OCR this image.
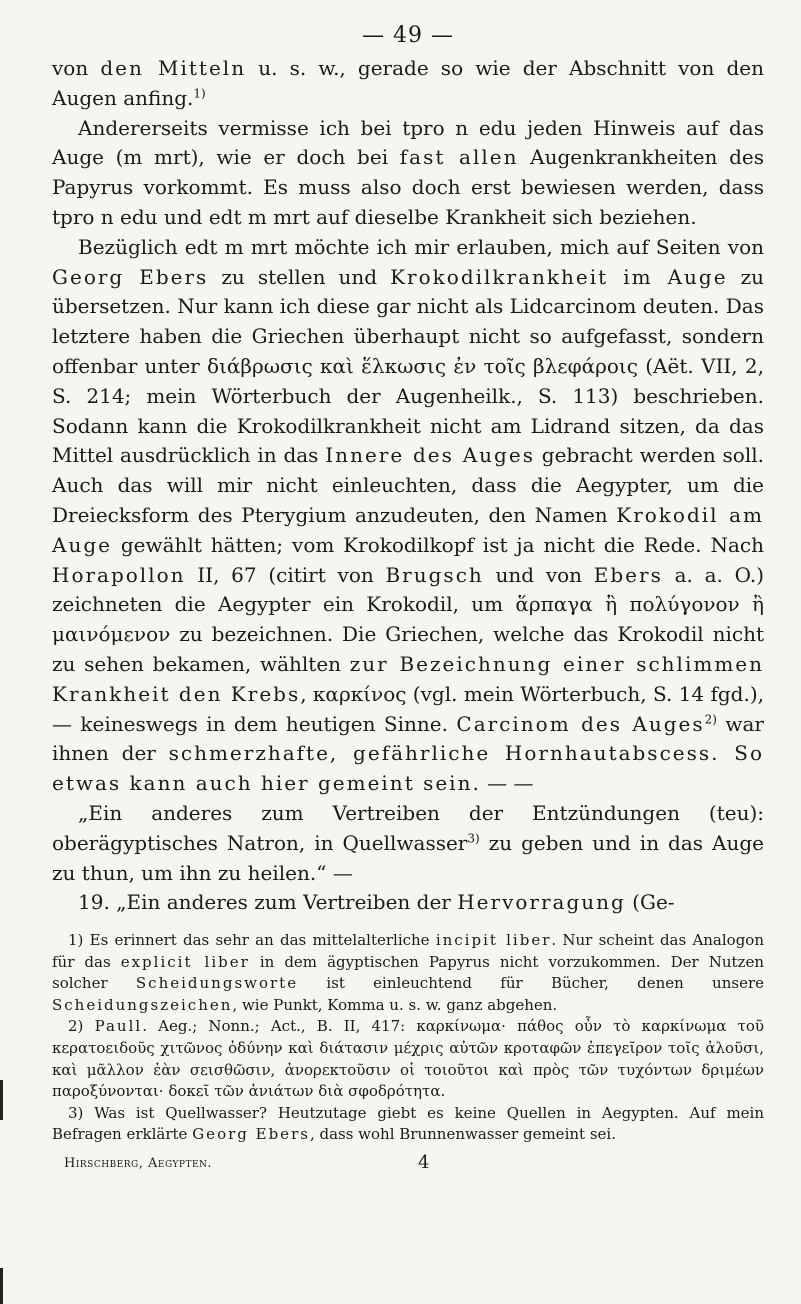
— 49 —

von den Mitteln u. s. w., gerade so wie der Abschnitt von den Augen anfing.$^{1)}$

Andererseits vermisse ich bei tpro n edu jeden Hinweis auf das Auge (m mrt), wie er doch bei fast allen Augenkrankheiten des Papyrus vorkommt. Es muss also doch erst bewiesen werden, dass tpro n edu und edt m mrt auf dieselbe Krankheit sich beziehen.

Bezüglich edt m mrt möchte ich mir erlauben, mich auf Seiten von Georg Ebers zu stellen und Krokodilkrankheit im Auge zu übersetzen. Nur kann ich diese gar nicht als Lidcarcinom deuten. Das letztere haben die Griechen überhaupt nicht so aufgefasst, sondern offenbar unter διάβρωσις καὶ ἕλκωσις ἐν τοῖς βλεφάροις (Aët. VII, 2, S. 214; mein Wörterbuch der Augenheilk., S. 113) beschrieben. Sodann kann die Krokodilkrankheit nicht am Lidrand sitzen, da das Mittel ausdrücklich in das Innere des Auges gebracht werden soll. Auch das will mir nicht einleuchten, dass die Aegypter, um die Dreiecksform des Pterygium anzudeuten, den Namen Krokodil am Auge gewählt hätten; vom Krokodilkopf ist ja nicht die Rede. Nach Horapollon II, 67 (citirt von Brugsch und von Ebers a. a. O.) zeichneten die Aegypter ein Krokodil, um ἅρπαγα ἢ πολύγονον ἢ μαινόμενον zu bezeichnen. Die Griechen, welche das Krokodil nicht zu sehen bekamen, wählten zur Bezeichnung einer schlimmen Krankheit den Krebs, καρκίνος (vgl. mein Wörterbuch, S. 14 fgd.), — keineswegs in dem heutigen Sinne. Carcinom des Auges$^{2)}$ war ihnen der schmerzhafte, gefährliche Hornhautabscess. So etwas kann auch hier gemeint sein. — —

„Ein anderes zum Vertreiben der Entzündungen (teu): oberägyptisches Natron, in Quellwasser$^{3)}$ zu geben und in das Auge zu thun, um ihn zu heilen.“ —

19. „Ein anderes zum Vertreiben der Hervorragung (Ge-

1) Es erinnert das sehr an das mittelalterliche incipit liber. Nur scheint das Analogon für das explicit liber in dem ägyptischen Papyrus nicht vorzukommen. Der Nutzen solcher Scheidungsworte ist einleuchtend für Bücher, denen unsere Scheidungszeichen, wie Punkt, Komma u. s. w. ganz abgehen.

2) Paull. Aeg.; Nonn.; Act., B. II, 417: καρκίνωμα· πάθος οὖν τὸ καρκίνωμα τοῦ κερατοειδοῦς χιτῶνος ὀδύνην καὶ διάτασιν μέχρις αὐτῶν κροταφῶν ἐπεγεῖρον τοῖς ἀλοῦσι, καὶ μᾶλλον ἐὰν σεισθῶσιν, ἀνορεκτοῦσιν οἱ τοιοῦτοι καὶ πρὸς τῶν τυχόντων δριμέων παροξύνονται· δοκεῖ τῶν ἀνιάτων διὰ σφοδρότητα.

3) Was ist Quellwasser? Heutzutage giebt es keine Quellen in Aegypten. Auf mein Befragen erklärte Georg Ebers, dass wohl Brunnenwasser gemeint sei.

Hirschberg, Aegypten.	4
